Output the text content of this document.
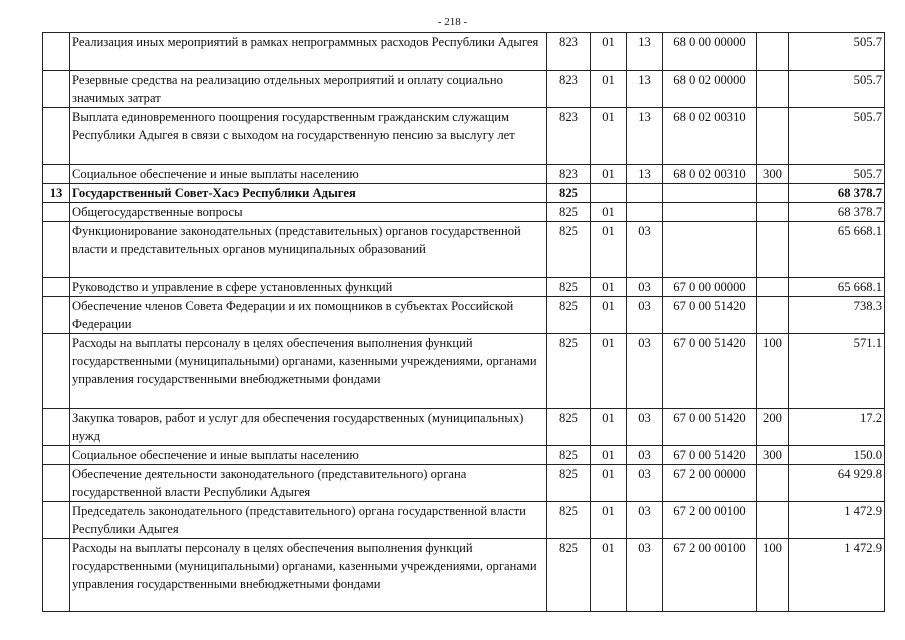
- 218 -
	Реализация иных мероприятий в рамках непрограммных расходов Республики Адыгея	823	01	13	68 0 00 00000		505.7
	Резервные средства на реализацию отдельных мероприятий и оплату социально значимых затрат	823	01	13	68 0 02 00000		505.7
	Выплата единовременного поощрения государственным гражданским служащим Республики Адыгея в связи с выходом на государственную пенсию за выслугу лет	823	01	13	68 0 02 00310		505.7
	Социальное обеспечение и иные выплаты населению	823	01	13	68 0 02 00310	300	505.7
13	Государственный Совет-Хасэ Республики Адыгея	825					68 378.7
	Общегосударственные вопросы	825	01				68 378.7
	Функционирование законодательных (представительных) органов государственной власти и представительных органов муниципальных образований	825	01	03			65 668.1
	Руководство и управление в сфере установленных функций	825	01	03	67 0 00 00000		65 668.1
	Обеспечение членов Совета Федерации и их помощников в субъектах Российской Федерации	825	01	03	67 0 00 51420		738.3
	Расходы на выплаты персоналу в целях обеспечения выполнения функций государственными (муниципальными) органами, казенными учреждениями, органами управления государственными внебюджетными фондами	825	01	03	67 0 00 51420	100	571.1
	Закупка товаров, работ и услуг для обеспечения государственных (муниципальных) нужд	825	01	03	67 0 00 51420	200	17.2
	Социальное обеспечение и иные выплаты населению	825	01	03	67 0 00 51420	300	150.0
	Обеспечение деятельности законодательного (представительного) органа государственной власти Республики Адыгея	825	01	03	67 2 00 00000		64 929.8
	Председатель законодательного (представительного) органа государственной власти Республики Адыгея	825	01	03	67 2 00 00100		1 472.9
	Расходы на выплаты персоналу в целях обеспечения выполнения функций государственными (муниципальными) органами, казенными учреждениями, органами управления государственными внебюджетными фондами	825	01	03	67 2 00 00100	100	1 472.9
